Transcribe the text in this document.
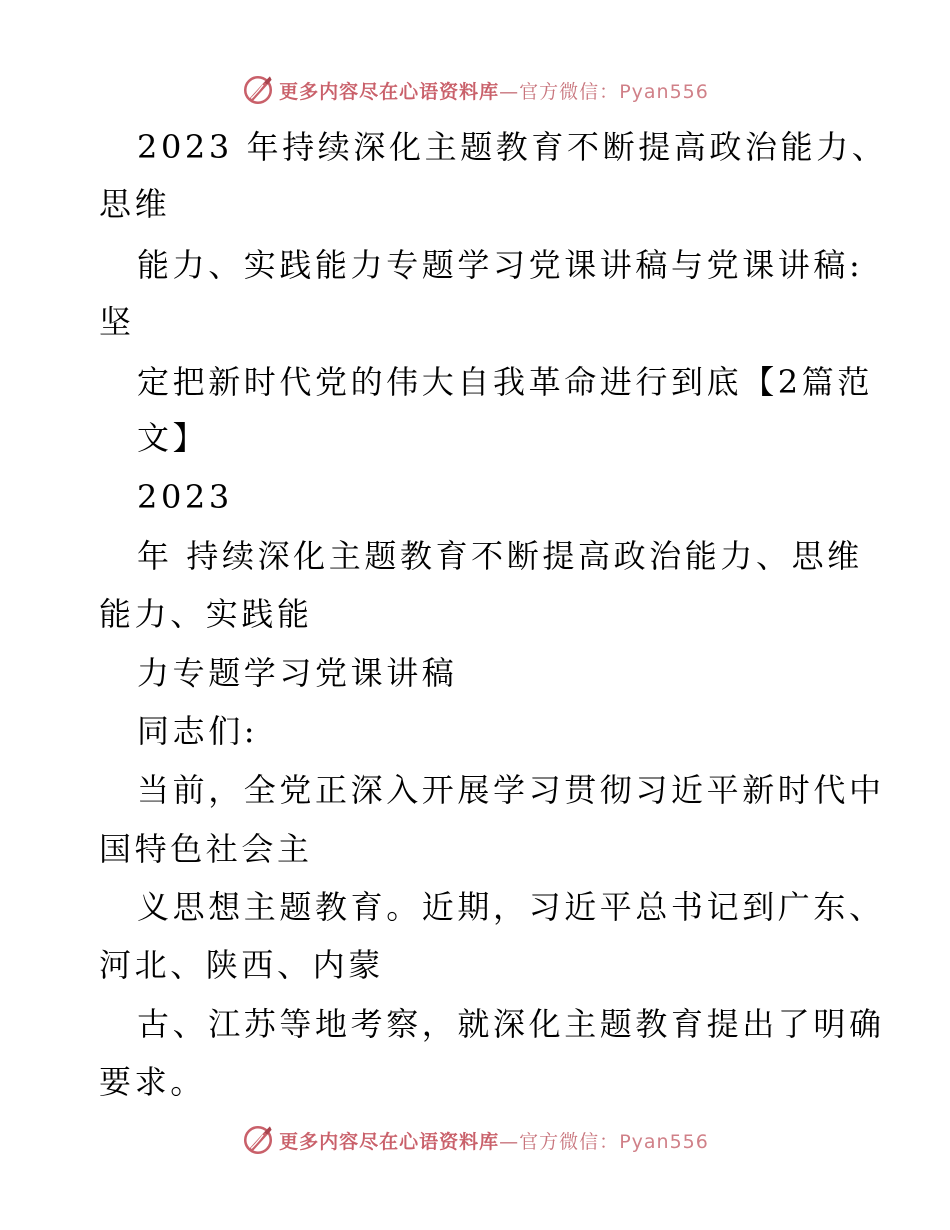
更多内容尽在心语资料库—官方微信：Pyan556
2023 年持续深化主题教育不断提高政治能力、
思维
能力、实践能力专题学习党课讲稿与党课讲稿:
坚
定把新时代党的伟大自我革命进行到底【2篇范
文】
2023
年 持续深化主题教育不断提高政治能力、思维
能力、实践能
力专题学习党课讲稿
同志们:
当前，全党正深入开展学习贯彻习近平新时代中
国特色社会主
义思想主题教育。近期，习近平总书记到广东、
河北、陕西、内蒙
古、江苏等地考察，就深化主题教育提出了明确
要求。
更多内容尽在心语资料库—官方微信：Pyan556
